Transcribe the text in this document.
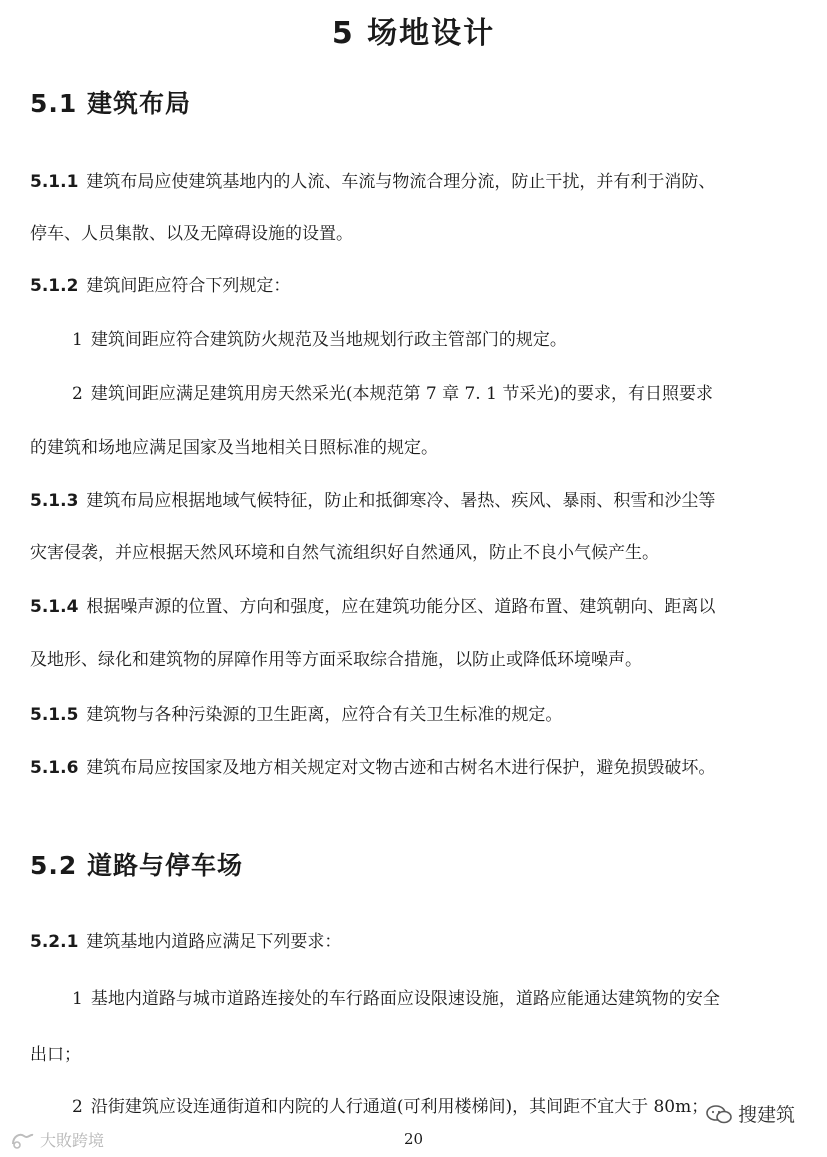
5 场地设计
5.1 建筑布局
5.1.1 建筑布局应使建筑基地内的人流、车流与物流合理分流，防止干扰，并有利于消防、
停车、人员集散、以及无障碍设施的设置。
5.1.2 建筑间距应符合下列规定：
1 建筑间距应符合建筑防火规范及当地规划行政主管部门的规定。
2 建筑间距应满足建筑用房天然采光(本规范第 7 章 7. 1 节采光)的要求，有日照要求
的建筑和场地应满足国家及当地相关日照标准的规定。
5.1.3 建筑布局应根据地域气候特征，防止和抵御寒冷、暑热、疾风、暴雨、积雪和沙尘等
灾害侵袭，并应根据天然风环境和自然气流组织好自然通风，防止不良小气候产生。
5.1.4 根据噪声源的位置、方向和强度，应在建筑功能分区、道路布置、建筑朝向、距离以
及地形、绿化和建筑物的屏障作用等方面采取综合措施，以防止或降低环境噪声。
5.1.5 建筑物与各种污染源的卫生距离，应符合有关卫生标准的规定。
5.1.6 建筑布局应按国家及地方相关规定对文物古迹和古树名木进行保护，避免损毁破坏。
5.2 道路与停车场
5.2.1 建筑基地内道路应满足下列要求：
1 基地内道路与城市道路连接处的车行路面应设限速设施，道路应能通达建筑物的安全
出口；
2 沿街建筑应设连通街道和内院的人行通道(可利用楼梯间)，其间距不宜大于 80m；
20
大敗跨境
搜建筑
